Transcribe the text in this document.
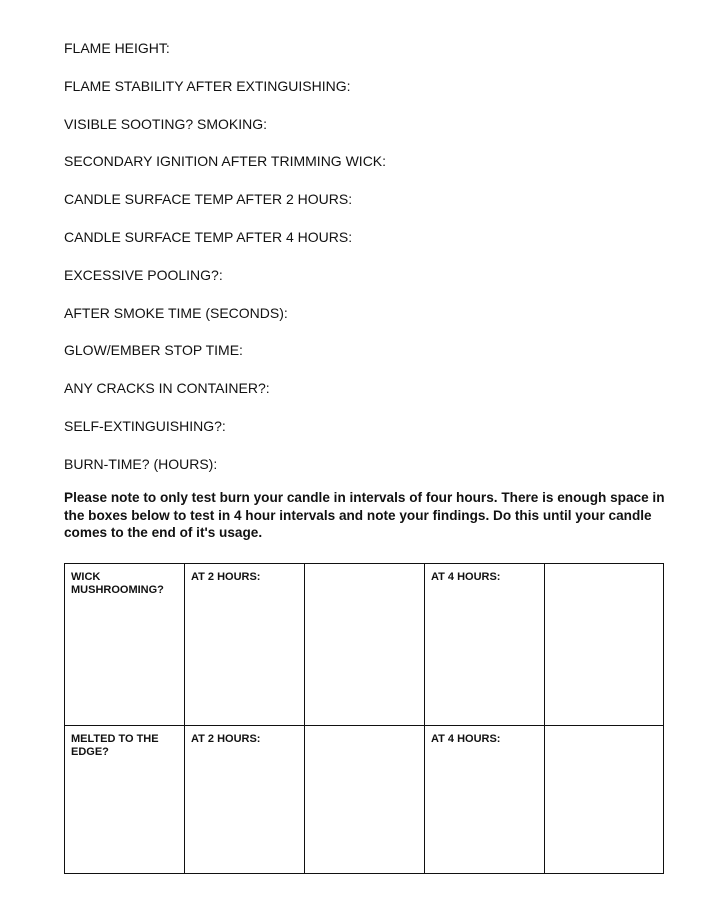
FLAME HEIGHT:
FLAME STABILITY AFTER EXTINGUISHING:
VISIBLE SOOTING? SMOKING:
SECONDARY IGNITION AFTER TRIMMING WICK:
CANDLE SURFACE TEMP AFTER 2 HOURS:
CANDLE SURFACE TEMP AFTER 4 HOURS:
EXCESSIVE POOLING?:
AFTER SMOKE TIME (SECONDS):
GLOW/EMBER STOP TIME:
ANY CRACKS IN CONTAINER?:
SELF-EXTINGUISHING?:
BURN-TIME? (HOURS):

Please note to only test burn your candle in intervals of four hours. There is enough space in the boxes below to test in 4 hour intervals and note your findings. Do this until your candle comes to the end of it's usage.

WICK MUSHROOMING?	AT 2 HOURS:		AT 4 HOURS:	
MELTED TO THE EDGE?	AT 2 HOURS:		AT 4 HOURS:	
